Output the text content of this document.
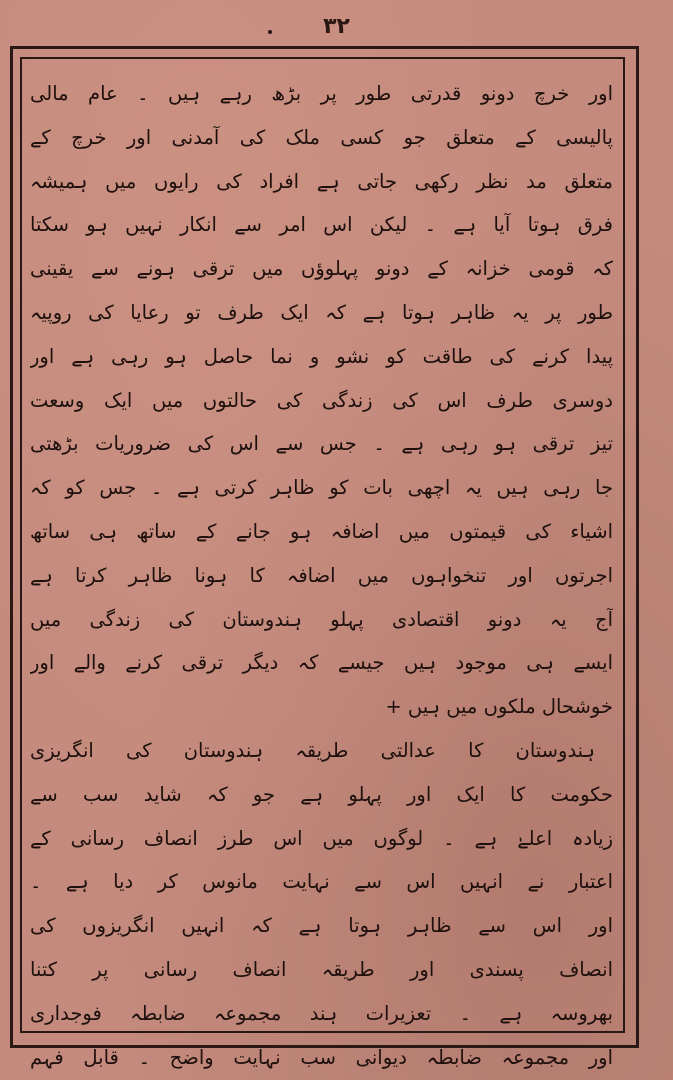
۳۲
اور خرچ دونو قدرتی طور پر بڑھ رہے ہیں ۔ عام مالی
پالیسی کے متعلق جو کسی ملک کی آمدنی اور خرچ کے
متعلق مد نظر رکھی جاتی ہے افراد کی رایوں میں ہمیشہ
فرق ہوتا آیا ہے ۔ لیکن اس امر سے انکار نہیں ہو سکتا
کہ قومی خزانہ کے دونو پہلوؤں میں ترقی ہونے سے یقینی
طور پر یہ ظاہر ہوتا ہے کہ ایک طرف تو رعایا کی روپیہ
پیدا کرنے کی طاقت کو نشو و نما حاصل ہو رہی ہے اور
دوسری طرف اس کی زندگی کی حالتوں میں ایک وسعت
تیز ترقی ہو رہی ہے ۔ جس سے اس کی ضروریات بڑھتی
جا رہی ہیں یہ اچھی بات کو ظاہر کرتی ہے ۔ جس کو کہ
اشیاء کی قیمتوں میں اضافہ ہو جانے کے ساتھ ہی ساتھ
اجرتوں اور تنخواہوں میں اضافہ کا ہونا ظاہر کرتا ہے
آج یہ دونو اقتصادی پہلو ہندوستان کی زندگی میں
ایسے ہی موجود ہیں جیسے کہ دیگر ترقی کرنے والے اور
خوشحال ملکوں میں ہیں +
ہندوستان کا عدالتی طریقہ ہندوستان کی انگریزی
حکومت کا ایک اور پہلو ہے جو کہ شاید سب سے
زیادہ اعلےٰ ہے ۔ لوگوں میں اس طرز انصاف رسانی کے
اعتبار نے انہیں اس سے نہایت مانوس کر دیا ہے ۔
اور اس سے ظاہر ہوتا ہے کہ انہیں انگریزوں کی
انصاف پسندی اور طریقہ انصاف رسانی پر کتنا
بھروسہ ہے ۔ تعزیرات ہند مجموعہ ضابطہ فوجداری
اور مجموعہ ضابطہ دیوانی سب نہایت واضح ۔ قابل فہم
